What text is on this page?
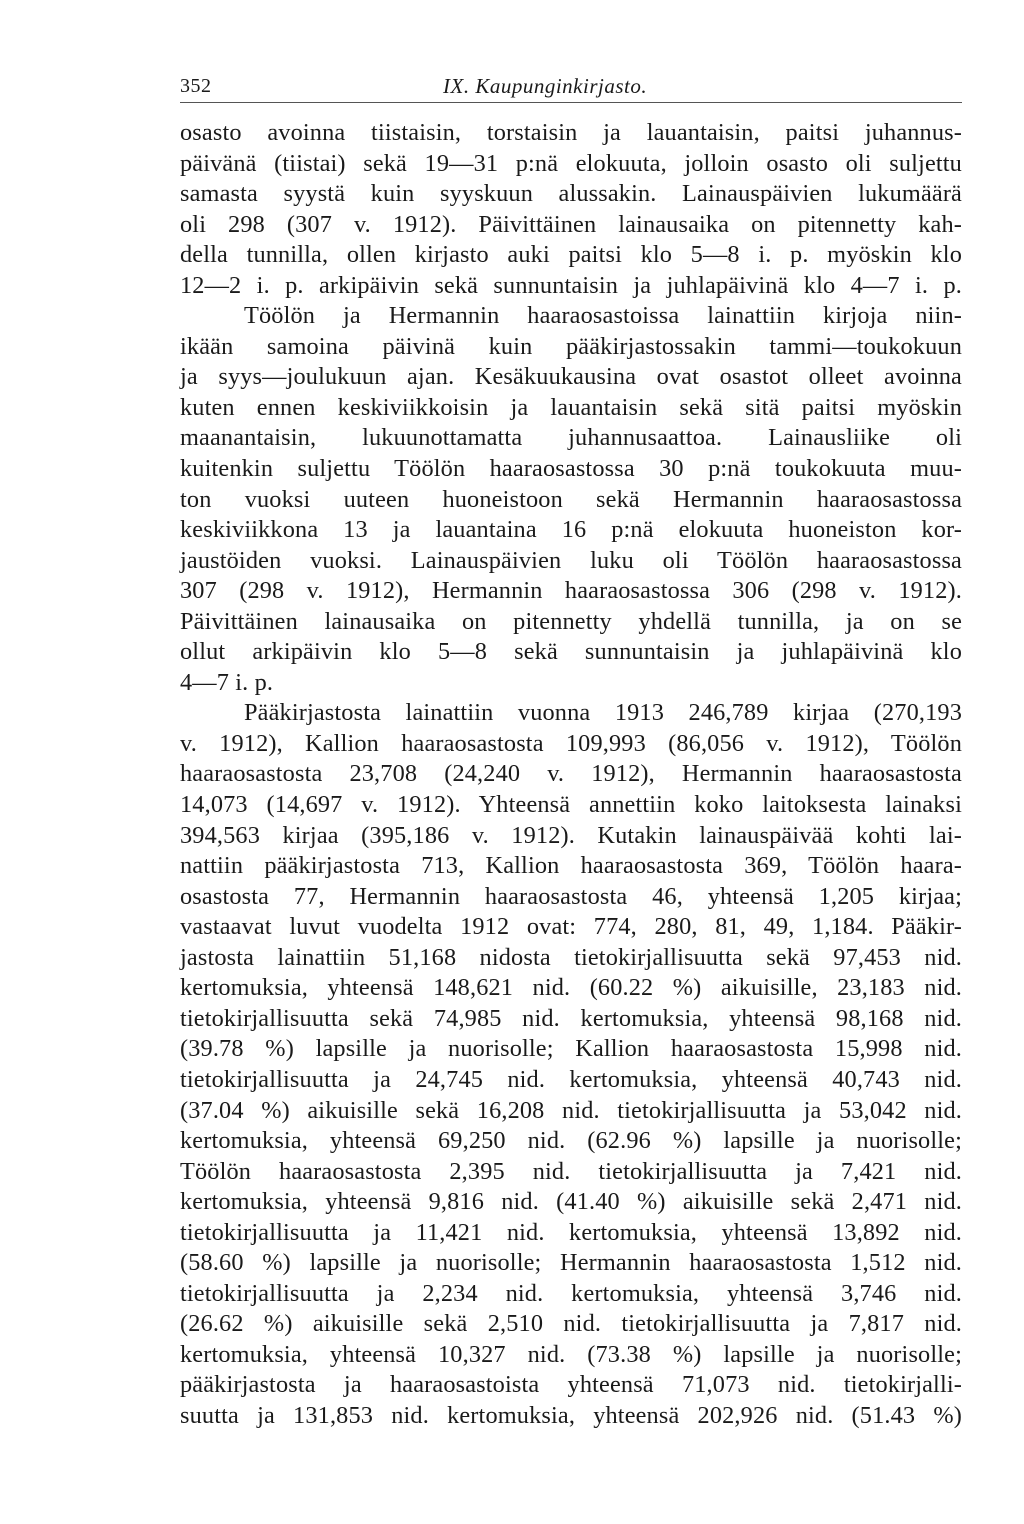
352	IX. Kaupunginkirjasto.
osasto avoinna tiistaisin, torstaisin ja lauantaisin, paitsi juhannus-
päivänä (tiistai) sekä 19—31 p:nä elokuuta, jolloin osasto oli suljettu
samasta syystä kuin syyskuun alussakin. Lainauspäivien lukumäärä
oli 298 (307 v. 1912). Päivittäinen lainausaika on pitennetty kah-
della tunnilla, ollen kirjasto auki paitsi klo 5—8 i. p. myöskin klo
12—2 i. p. arkipäivin sekä sunnuntaisin ja juhlapäivinä klo 4—7 i. p.
Töölön ja Hermannin haaraosastoissa lainattiin kirjoja niin-
ikään samoina päivinä kuin pääkirjastossakin tammi—toukokuun
ja syys—joulukuun ajan. Kesäkuukausina ovat osastot olleet avoinna
kuten ennen keskiviikkoisin ja lauantaisin sekä sitä paitsi myöskin
maanantaisin, lukuunottamatta juhannusaattoa. Lainausliike oli
kuitenkin suljettu Töölön haaraosastossa 30 p:nä toukokuuta muu-
ton vuoksi uuteen huoneistoon sekä Hermannin haaraosastossa
keskiviikkona 13 ja lauantaina 16 p:nä elokuuta huoneiston kor-
jaustöiden vuoksi. Lainauspäivien luku oli Töölön haaraosastossa
307 (298 v. 1912), Hermannin haaraosastossa 306 (298 v. 1912).
Päivittäinen lainausaika on pitennetty yhdellä tunnilla, ja on se
ollut arkipäivin klo 5—8 sekä sunnuntaisin ja juhlapäivinä klo
4—7 i. p.
Pääkirjastosta lainattiin vuonna 1913 246,789 kirjaa (270,193
v. 1912), Kallion haaraosastosta 109,993 (86,056 v. 1912), Töölön
haaraosastosta 23,708 (24,240 v. 1912), Hermannin haaraosastosta
14,073 (14,697 v. 1912). Yhteensä annettiin koko laitoksesta lainaksi
394,563 kirjaa (395,186 v. 1912). Kutakin lainauspäivää kohti lai-
nattiin pääkirjastosta 713, Kallion haaraosastosta 369, Töölön haara-
osastosta 77, Hermannin haaraosastosta 46, yhteensä 1,205 kirjaa;
vastaavat luvut vuodelta 1912 ovat: 774, 280, 81, 49, 1,184. Pääkir-
jastosta lainattiin 51,168 nidosta tietokirjallisuutta sekä 97,453 nid.
kertomuksia, yhteensä 148,621 nid. (60.22 %) aikuisille, 23,183 nid.
tietokirjallisuutta sekä 74,985 nid. kertomuksia, yhteensä 98,168 nid.
(39.78 %) lapsille ja nuorisolle; Kallion haaraosastosta 15,998 nid.
tietokirjallisuutta ja 24,745 nid. kertomuksia, yhteensä 40,743 nid.
(37.04 %) aikuisille sekä 16,208 nid. tietokirjallisuutta ja 53,042 nid.
kertomuksia, yhteensä 69,250 nid. (62.96 %) lapsille ja nuorisolle;
Töölön haaraosastosta 2,395 nid. tietokirjallisuutta ja 7,421 nid.
kertomuksia, yhteensä 9,816 nid. (41.40 %) aikuisille sekä 2,471 nid.
tietokirjallisuutta ja 11,421 nid. kertomuksia, yhteensä 13,892 nid.
(58.60 %) lapsille ja nuorisolle; Hermannin haaraosastosta 1,512 nid.
tietokirjallisuutta ja 2,234 nid. kertomuksia, yhteensä 3,746 nid.
(26.62 %) aikuisille sekä 2,510 nid. tietokirjallisuutta ja 7,817 nid.
kertomuksia, yhteensä 10,327 nid. (73.38 %) lapsille ja nuorisolle;
pääkirjastosta ja haaraosastoista yhteensä 71,073 nid. tietokirjalli-
suutta ja 131,853 nid. kertomuksia, yhteensä 202,926 nid. (51.43 %)
